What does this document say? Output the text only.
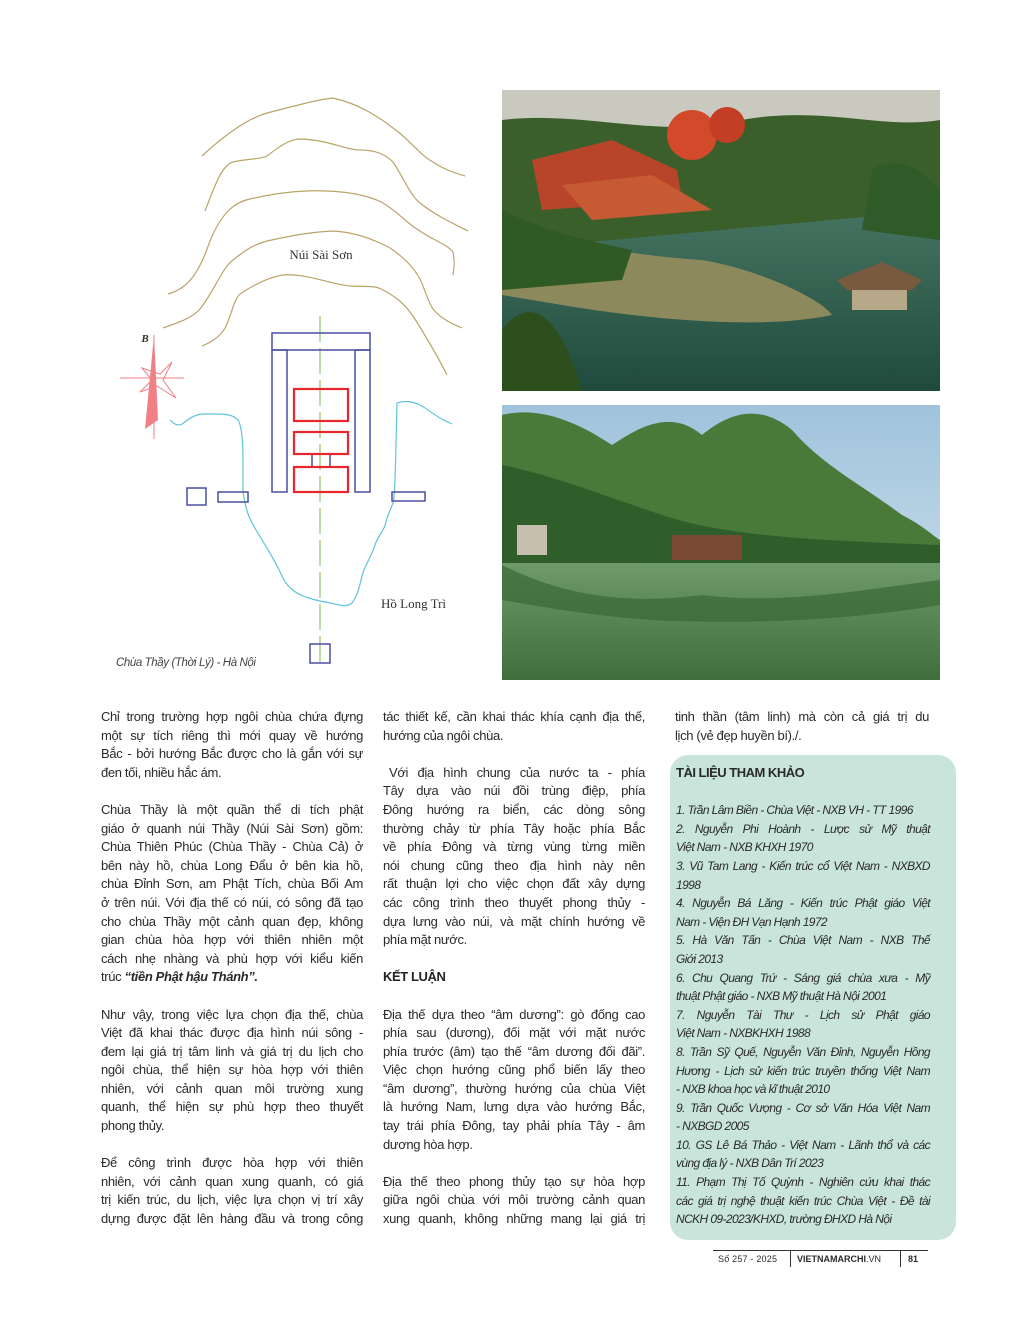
Núi Sài Sơn
B
Hồ Long Trì
Chùa Thầy (Thời Lý) - Hà Nội
Chỉ trong trường hợp ngôi chùa chứa đựng
một sự tích riêng thì mới quay về hướng
Bắc - bởi hướng Bắc được cho là gắn với sự
đen tối, nhiều hắc ám.
Chùa Thầy là một quần thể di tích phật
giáo ở quanh núi Thầy (Núi Sài Sơn) gồm:
Chùa Thiên Phúc (Chùa Thầy - Chùa Cả) ở
bên này hồ, chùa Long Đẩu ở bên kia hồ,
chùa Đỉnh Sơn, am Phật Tích, chùa Bối Am
ở trên núi. Với địa thế có núi, có sông đã tạo
cho chùa Thầy một cảnh quan đẹp, không
gian chùa hòa hợp với thiên nhiên một
cách nhẹ nhàng và phù hợp với kiểu kiến
trúc “tiền Phật hậu Thánh”.
Như vậy, trong việc lựa chọn địa thế, chùa
Việt đã khai thác được địa hình núi sông -
đem lại giá trị tâm linh và giá trị du lịch cho
ngôi chùa, thể hiện sự hòa hợp với thiên
nhiên, với cảnh quan môi trường xung
quanh, thể hiện sự phù hợp theo thuyết
phong thủy.
Để công trình được hòa hợp với thiên
nhiên, với cảnh quan xung quanh, có giá
trị kiến trúc, du lịch, việc lựa chọn vị trí xây
dựng được đặt lên hàng đầu và trong công
tác thiết kế, cần khai thác khía cạnh địa thế,
hướng của ngôi chùa.
Với địa hình chung của nước ta - phía
Tây dựa vào núi đồi trùng điệp, phía
Đông hướng ra biển, các dòng sông
thường chảy từ phía Tây hoặc phía Bắc
về phía Đông và từng vùng từng miền
nói chung cũng theo địa hình này nên
rất thuận lợi cho việc chọn đất xây dựng
các công trình theo thuyết phong thủy -
dựa lưng vào núi, và mặt chính hướng về
phía mặt nước.
KẾT LUẬN
Địa thế dựa theo “âm dương”: gò đống cao
phía sau (dương), đối mặt với mặt nước
phía trước (âm) tạo thế “âm dương đối đãi”.
Việc chọn hướng cũng phổ biến lấy theo
“âm dương”, thường hướng của chùa Việt
là hướng Nam, lưng dựa vào hướng Bắc,
tay trái phía Đông, tay phải phía Tây - âm
dương hòa hợp.
Địa thế theo phong thủy tạo sự hòa hợp
giữa ngôi chùa với môi trường cảnh quan
xung quanh, không những mang lại giá trị
tinh thần (tâm linh) mà còn cả giá trị du
lịch (vẻ đẹp huyền bí)./.
TÀI LIỆU THAM KHẢO
1. Trần Lâm Biền - Chùa Việt - NXB VH - TT 1996
2. Nguyễn Phi Hoành - Lược sử Mỹ thuật
Việt Nam - NXB KHXH 1970
3. Vũ Tam Lang - Kiến trúc cổ Việt Nam - NXBXD
1998
4. Nguyễn Bá Lăng - Kiến trúc Phật giáo Việt
Nam - Viện ĐH Vạn Hạnh 1972
5. Hà Văn Tấn - Chùa Việt Nam - NXB Thế
Giới 2013
6. Chu Quang Trứ - Sáng giá chùa xưa - Mỹ
thuật Phật giáo - NXB Mỹ thuật Hà Nội 2001
7. Nguyễn Tài Thư - Lịch sử Phật giáo
Việt Nam - NXBKHXH 1988
8. Trần Sỹ Quế, Nguyễn Văn Đỉnh, Nguyễn Hồng
Hương - Lịch sử kiến trúc truyền thống Việt Nam
- NXB khoa học và kĩ thuật 2010
9. Trần Quốc Vượng - Cơ sở Văn Hóa Việt Nam
- NXBGD 2005
10. GS Lê Bá Thảo - Việt Nam - Lãnh thổ và các
vùng địa lý - NXB Dân Trí 2023
11. Phạm Thị Tố Quỳnh - Nghiên cứu khai thác
các giá trị nghệ thuật kiến trúc Chùa Việt - Đề tài
NCKH 09-2023/KHXD, trường ĐHXD Hà Nội
Số 257 - 2025 VIETNAMARCHI.VN	81
